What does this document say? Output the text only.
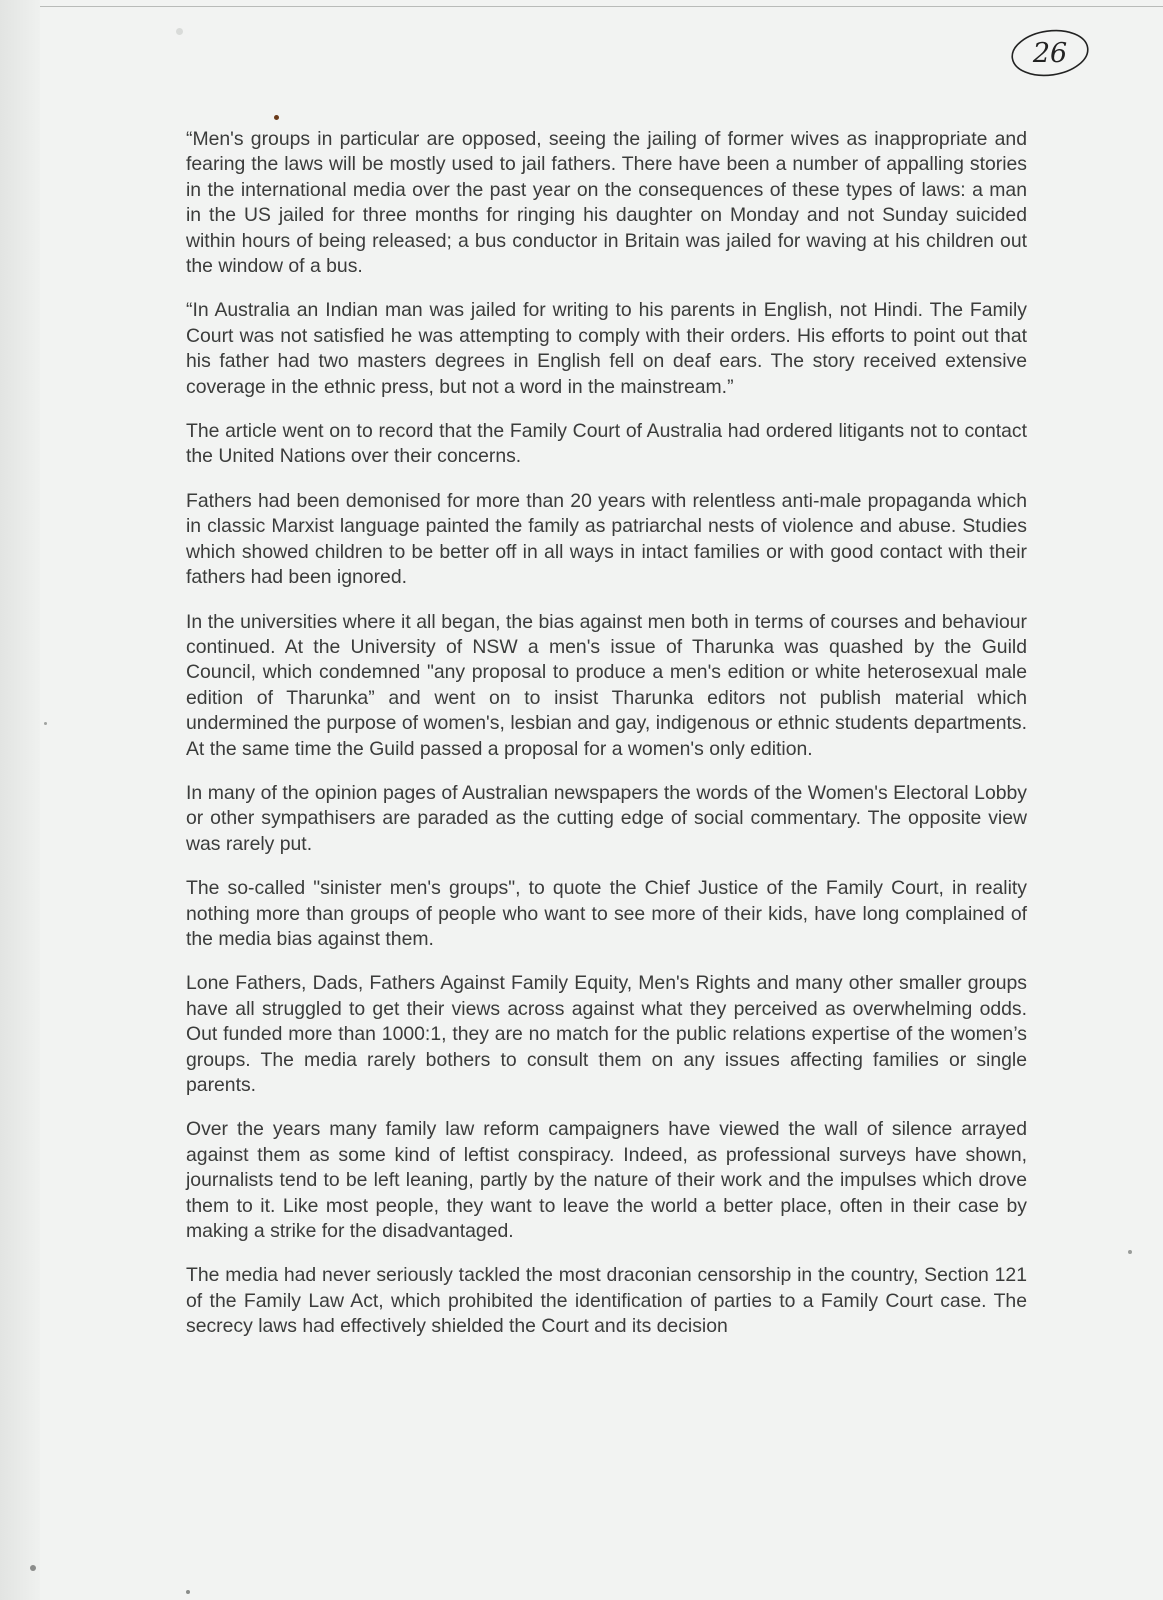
26

“Men's groups in particular are opposed, seeing the jailing of former wives as inappropriate and fearing the laws will be mostly used to jail fathers. There have been a number of appalling stories in the international media over the past year on the consequences of these types of laws: a man in the US jailed for three months for ringing his daughter on Monday and not Sunday suicided within hours of being released; a bus conductor in Britain was jailed for waving at his children out the window of a bus.

“In Australia an Indian man was jailed for writing to his parents in English, not Hindi. The Family Court was not satisfied he was attempting to comply with their orders. His efforts to point out that his father had two masters degrees in English fell on deaf ears. The story received extensive coverage in the ethnic press, but not a word in the mainstream.”

The article went on to record that the Family Court of Australia had ordered litigants not to contact the United Nations over their concerns.

Fathers had been demonised for more than 20 years with relentless anti-male propaganda which in classic Marxist language painted the family as patriarchal nests of violence and abuse. Studies which showed children to be better off in all ways in intact families or with good contact with their fathers had been ignored.

In the universities where it all began, the bias against men both in terms of courses and behaviour continued. At the University of NSW a men's issue of Tharunka was quashed by the Guild Council, which condemned "any proposal to produce a men's edition or white heterosexual male edition of Tharunka” and went on to insist Tharunka editors not publish material which undermined the purpose of women's, lesbian and gay, indigenous or ethnic students departments. At the same time the Guild passed a proposal for a women's only edition.

In many of the opinion pages of Australian newspapers the words of the Women's Electoral Lobby or other sympathisers are paraded as the cutting edge of social commentary. The opposite view was rarely put.

The so-called "sinister men's groups", to quote the Chief Justice of the Family Court, in reality nothing more than groups of people who want to see more of their kids, have long complained of the media bias against them.

Lone Fathers, Dads, Fathers Against Family Equity, Men's Rights and many other smaller groups have all struggled to get their views across against what they perceived as overwhelming odds. Out funded more than 1000:1, they are no match for the public relations expertise of the women’s groups. The media rarely bothers to consult them on any issues affecting families or single parents.

Over the years many family law reform campaigners have viewed the wall of silence arrayed against them as some kind of leftist conspiracy. Indeed, as professional surveys have shown, journalists tend to be left leaning, partly by the nature of their work and the impulses which drove them to it. Like most people, they want to leave the world a better place, often in their case by making a strike for the disadvantaged.

The media had never seriously tackled the most draconian censorship in the country, Section 121 of the Family Law Act, which prohibited the identification of parties to a Family Court case. The secrecy laws had effectively shielded the Court and its decision
